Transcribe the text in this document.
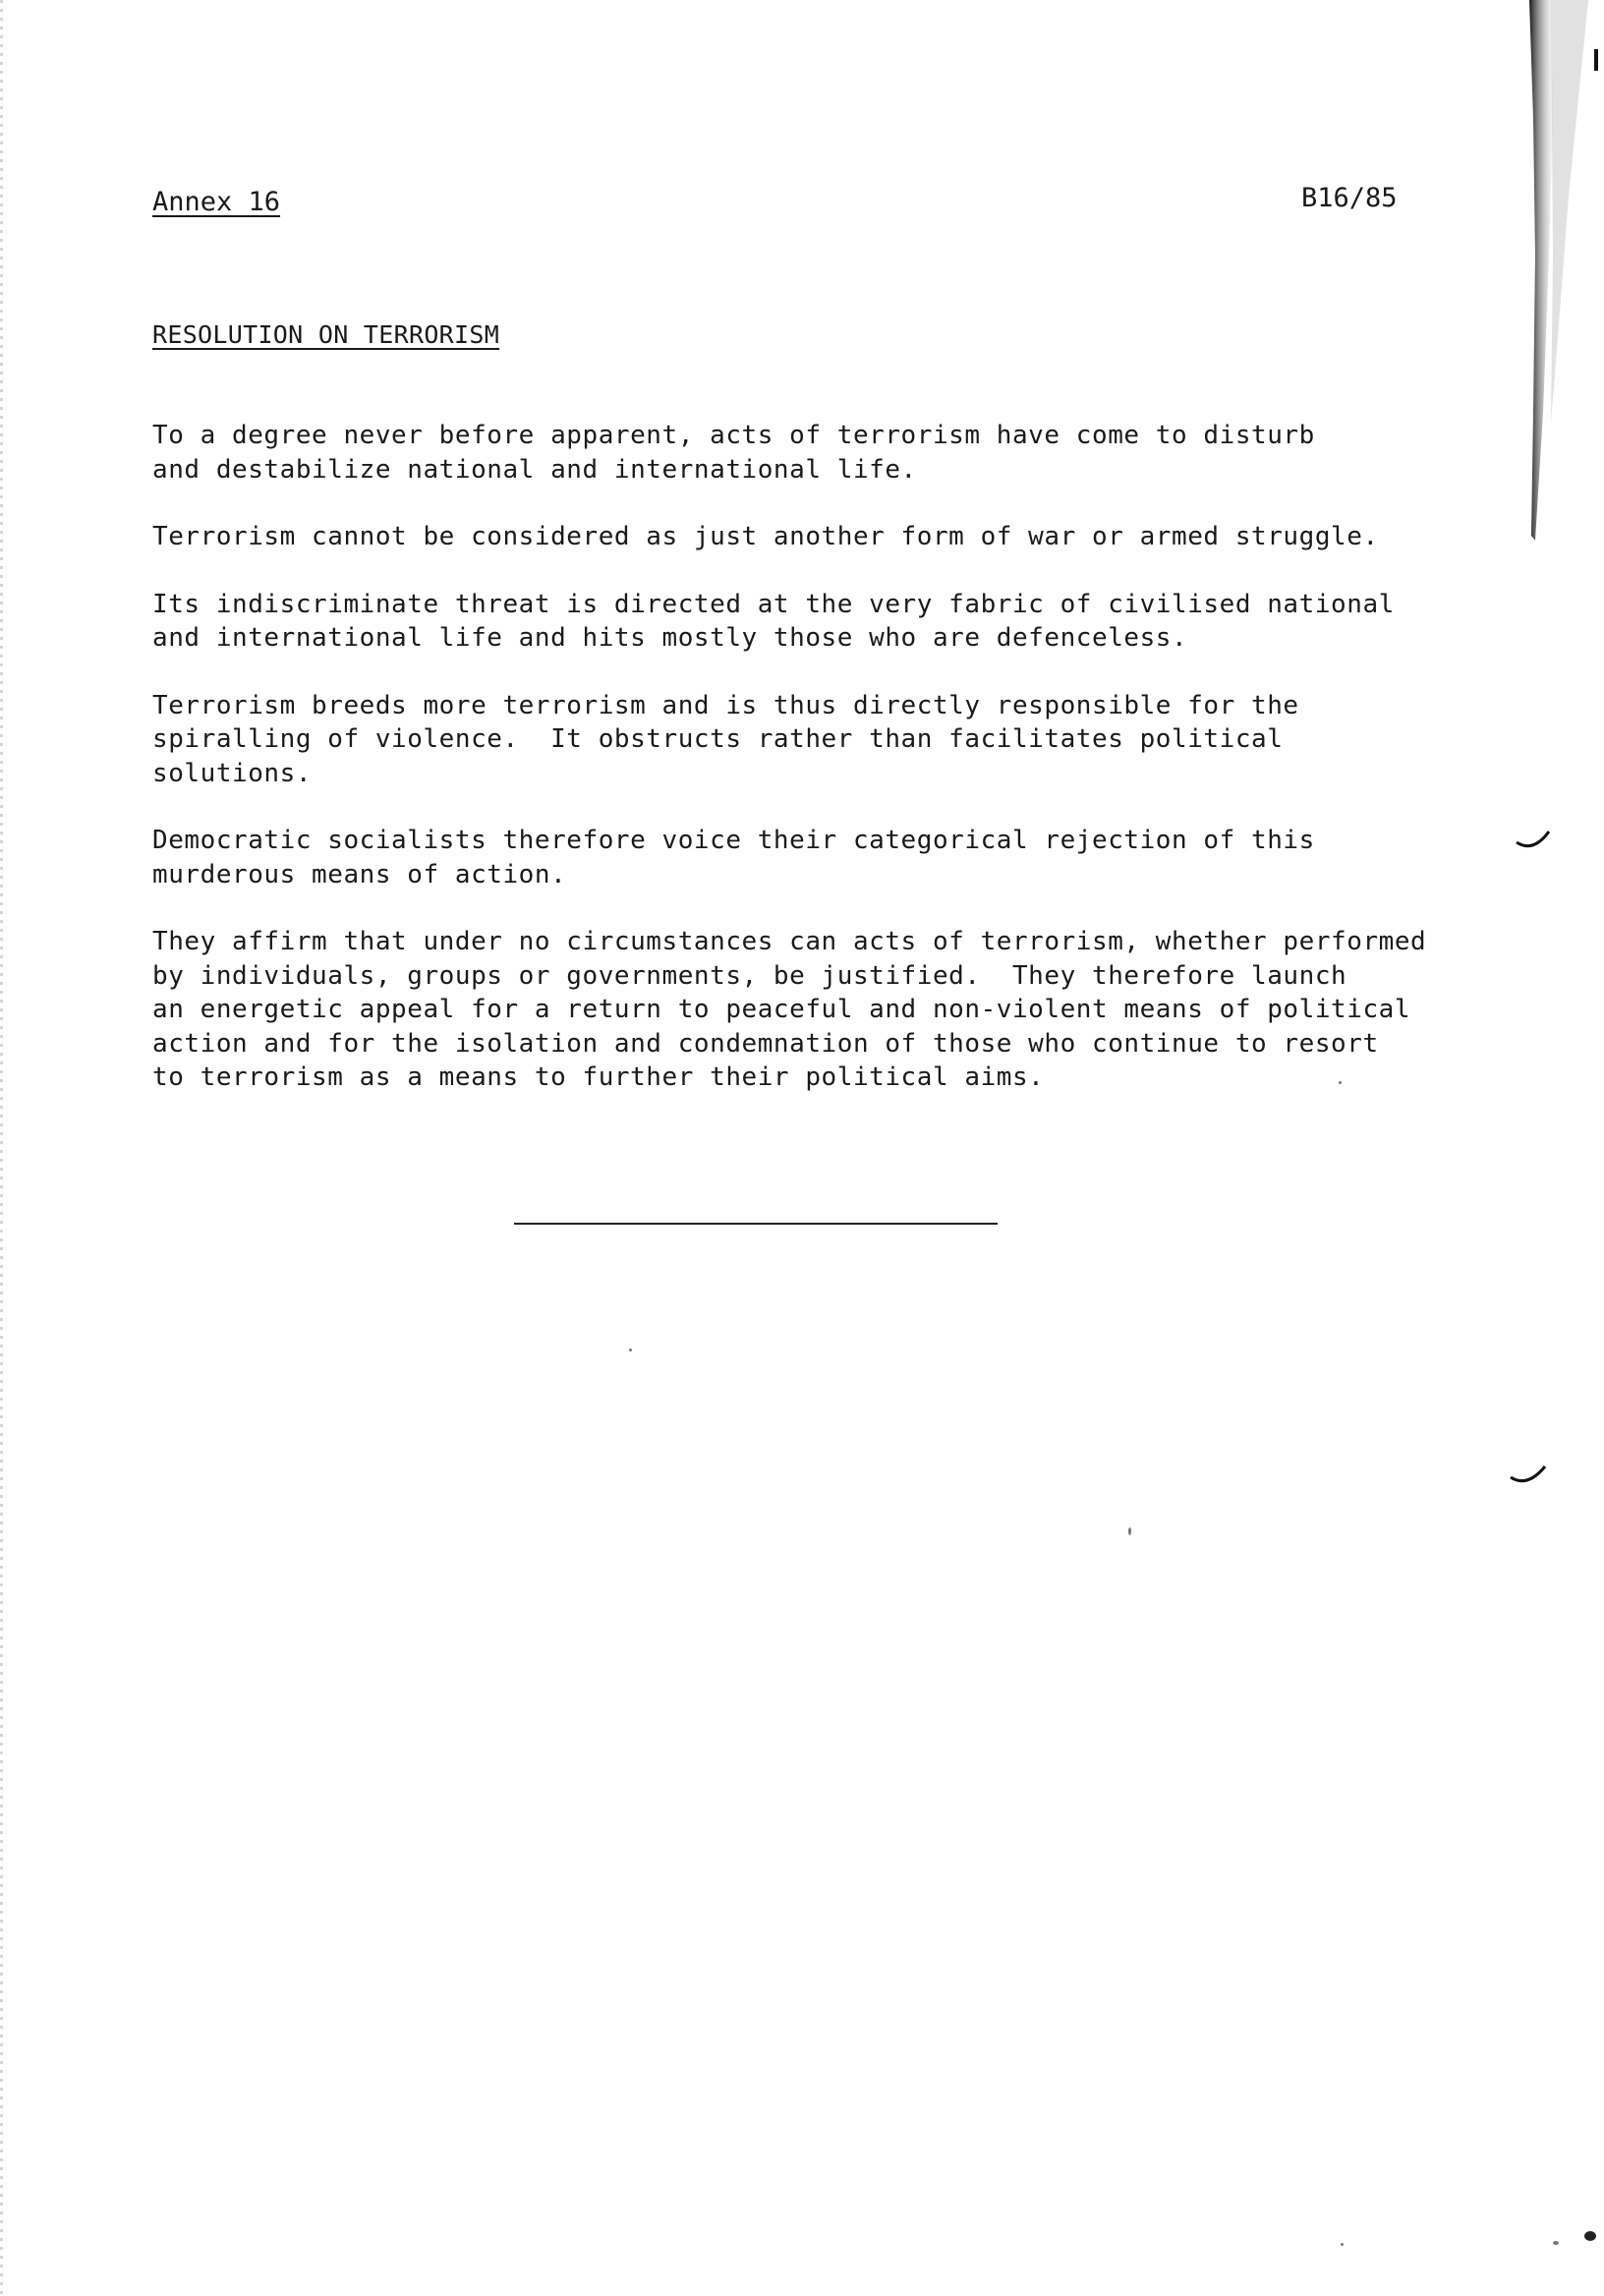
Annex 16	B16/85
RESOLUTION ON TERRORISM

To a degree never before apparent, acts of terrorism have come to disturb
and destabilize national and international life.

Terrorism cannot be considered as just another form of war or armed struggle.

Its indiscriminate threat is directed at the very fabric of civilised national
and international life and hits mostly those who are defenceless.

Terrorism breeds more terrorism and is thus directly responsible for the
spiralling of violence.  It obstructs rather than facilitates political
solutions.

Democratic socialists therefore voice their categorical rejection of this
murderous means of action.

They affirm that under no circumstances can acts of terrorism, whether performed
by individuals, groups or governments, be justified.  They therefore launch
an energetic appeal for a return to peaceful and non-violent means of political
action and for the isolation and condemnation of those who continue to resort
to terrorism as a means to further their political aims.
